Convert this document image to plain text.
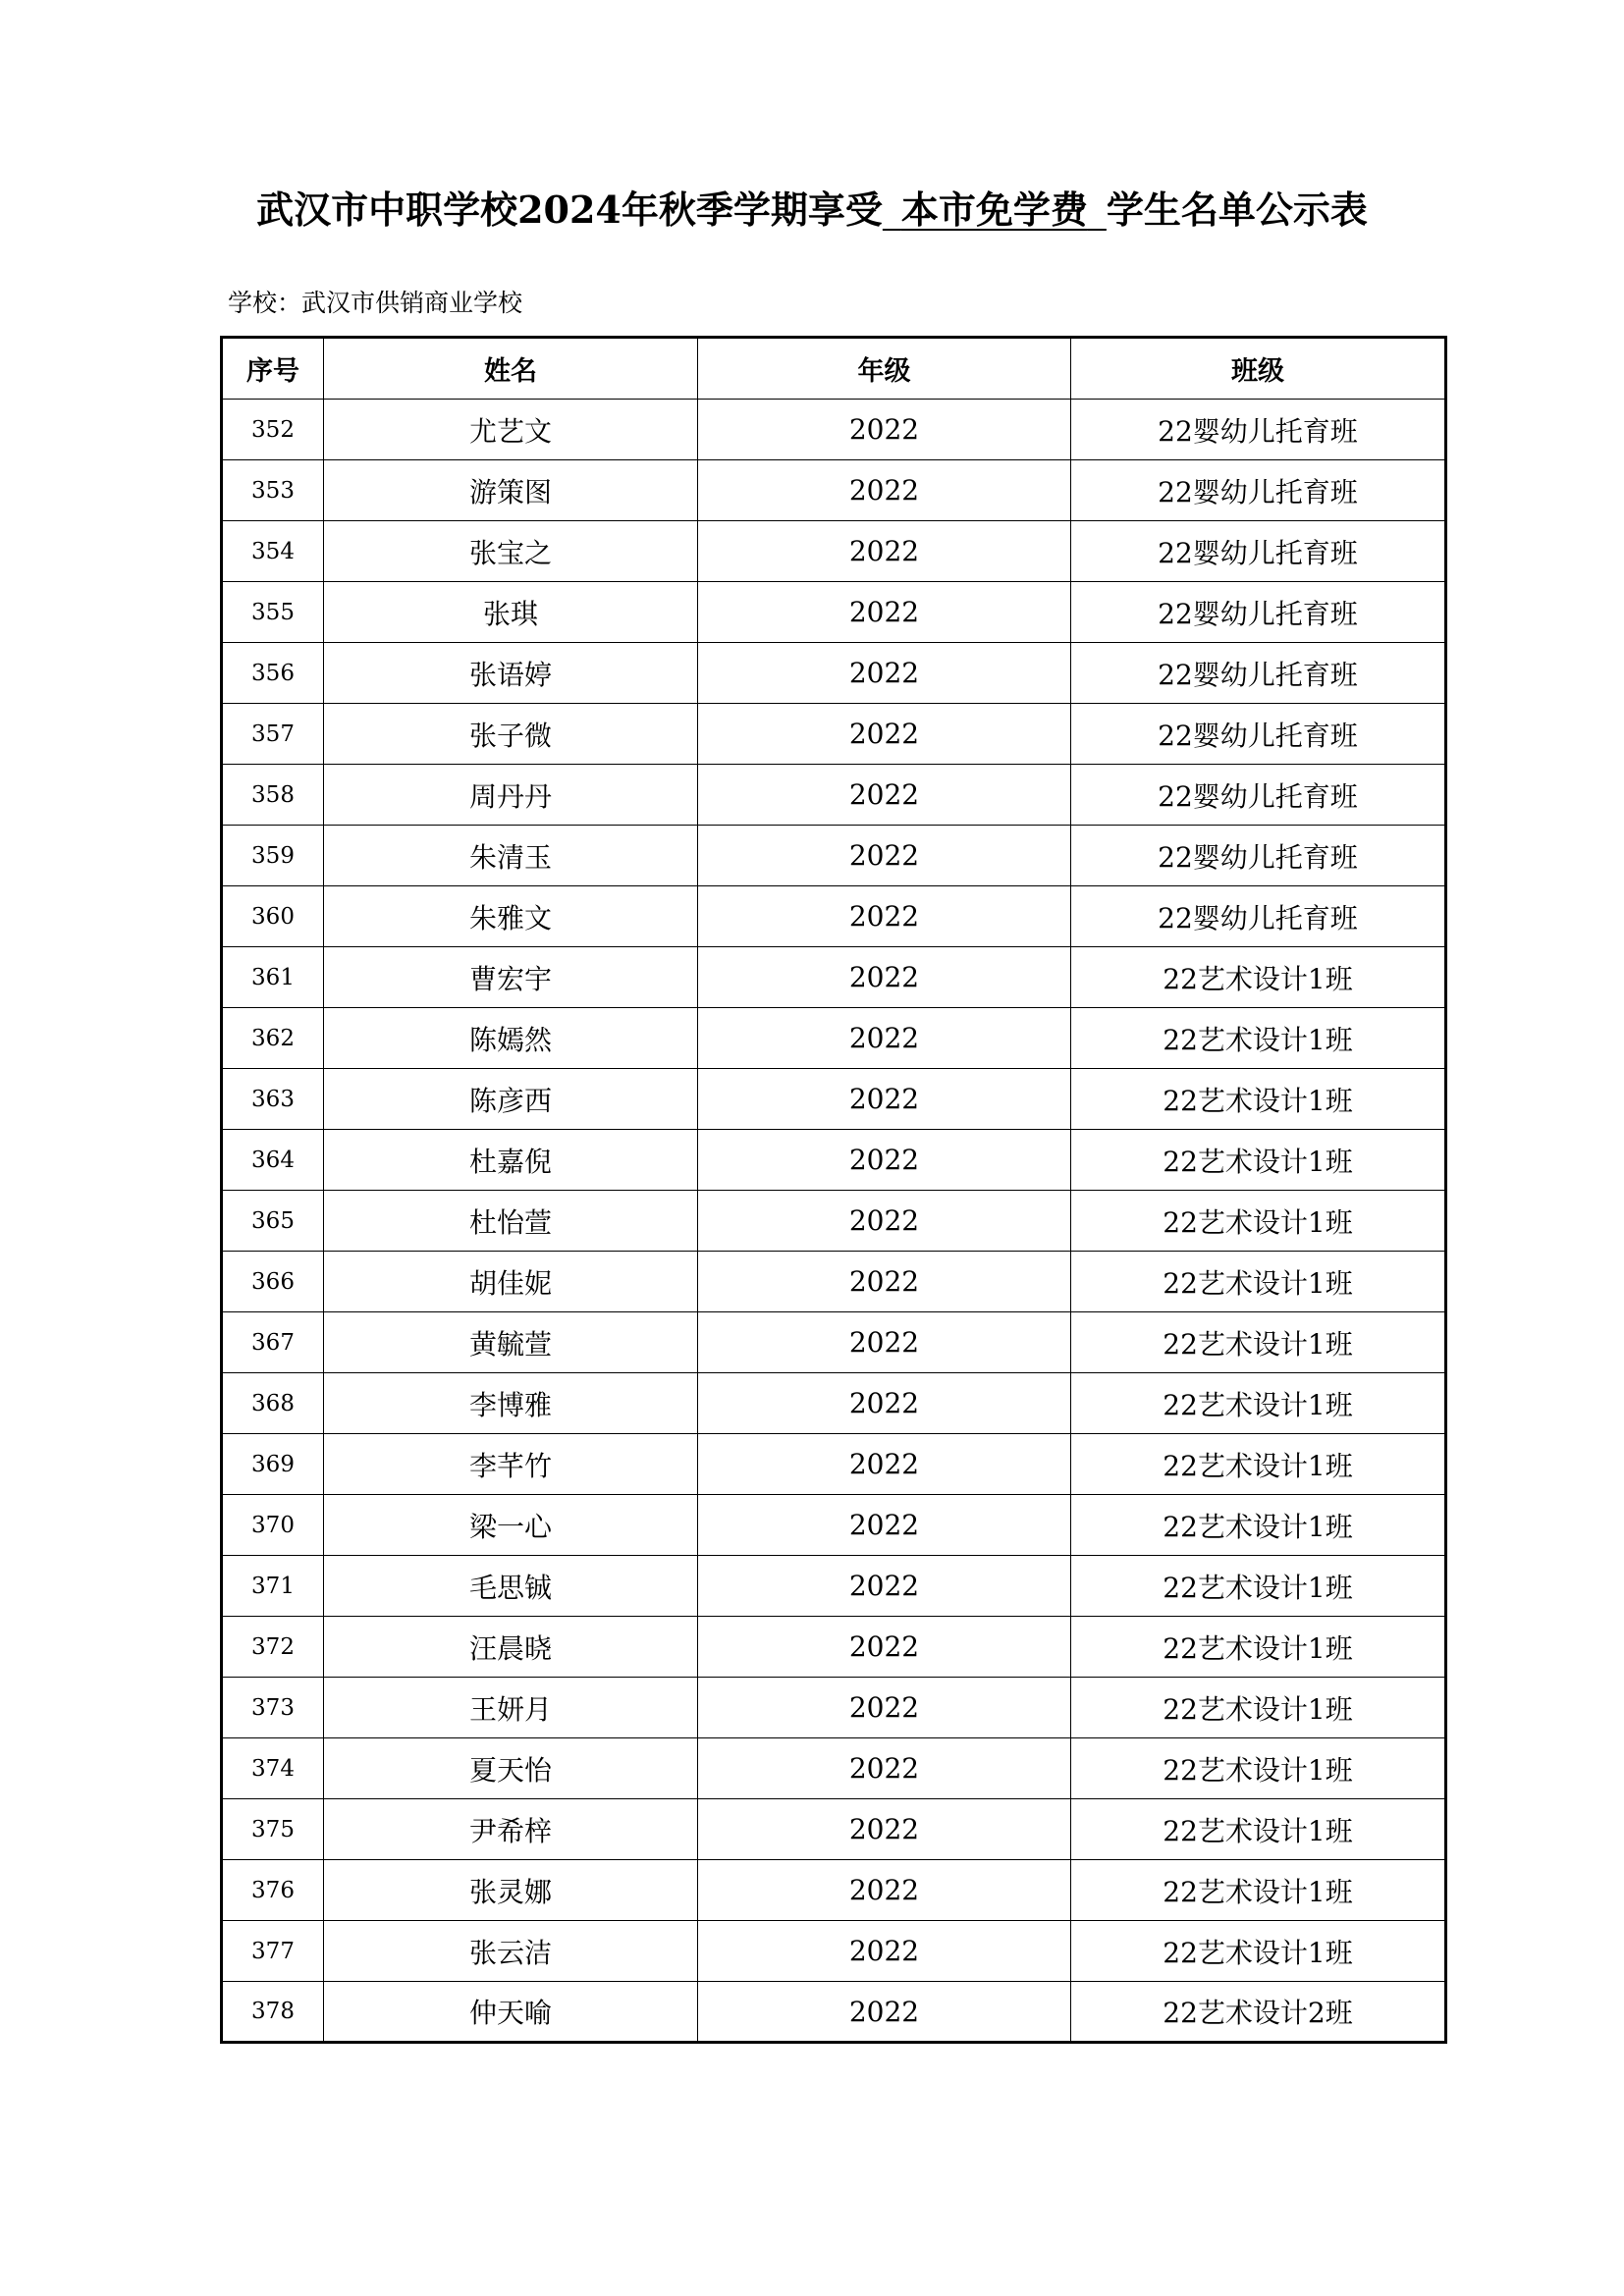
武汉市中职学校2024年秋季学期享受  本市免学费  学生名单公示表
学校：武汉市供销商业学校
序号	姓名	年级	班级
352	尤艺文	2022	22婴幼儿托育班
353	游策图	2022	22婴幼儿托育班
354	张宝之	2022	22婴幼儿托育班
355	张琪	2022	22婴幼儿托育班
356	张语婷	2022	22婴幼儿托育班
357	张子微	2022	22婴幼儿托育班
358	周丹丹	2022	22婴幼儿托育班
359	朱清玉	2022	22婴幼儿托育班
360	朱雅文	2022	22婴幼儿托育班
361	曹宏宇	2022	22艺术设计1班
362	陈嫣然	2022	22艺术设计1班
363	陈彦西	2022	22艺术设计1班
364	杜嘉倪	2022	22艺术设计1班
365	杜怡萱	2022	22艺术设计1班
366	胡佳妮	2022	22艺术设计1班
367	黄毓萱	2022	22艺术设计1班
368	李博雅	2022	22艺术设计1班
369	李芊竹	2022	22艺术设计1班
370	梁一心	2022	22艺术设计1班
371	毛思铖	2022	22艺术设计1班
372	汪晨晓	2022	22艺术设计1班
373	王妍月	2022	22艺术设计1班
374	夏天怡	2022	22艺术设计1班
375	尹希梓	2022	22艺术设计1班
376	张灵娜	2022	22艺术设计1班
377	张云洁	2022	22艺术设计1班
378	仲天喻	2022	22艺术设计2班
